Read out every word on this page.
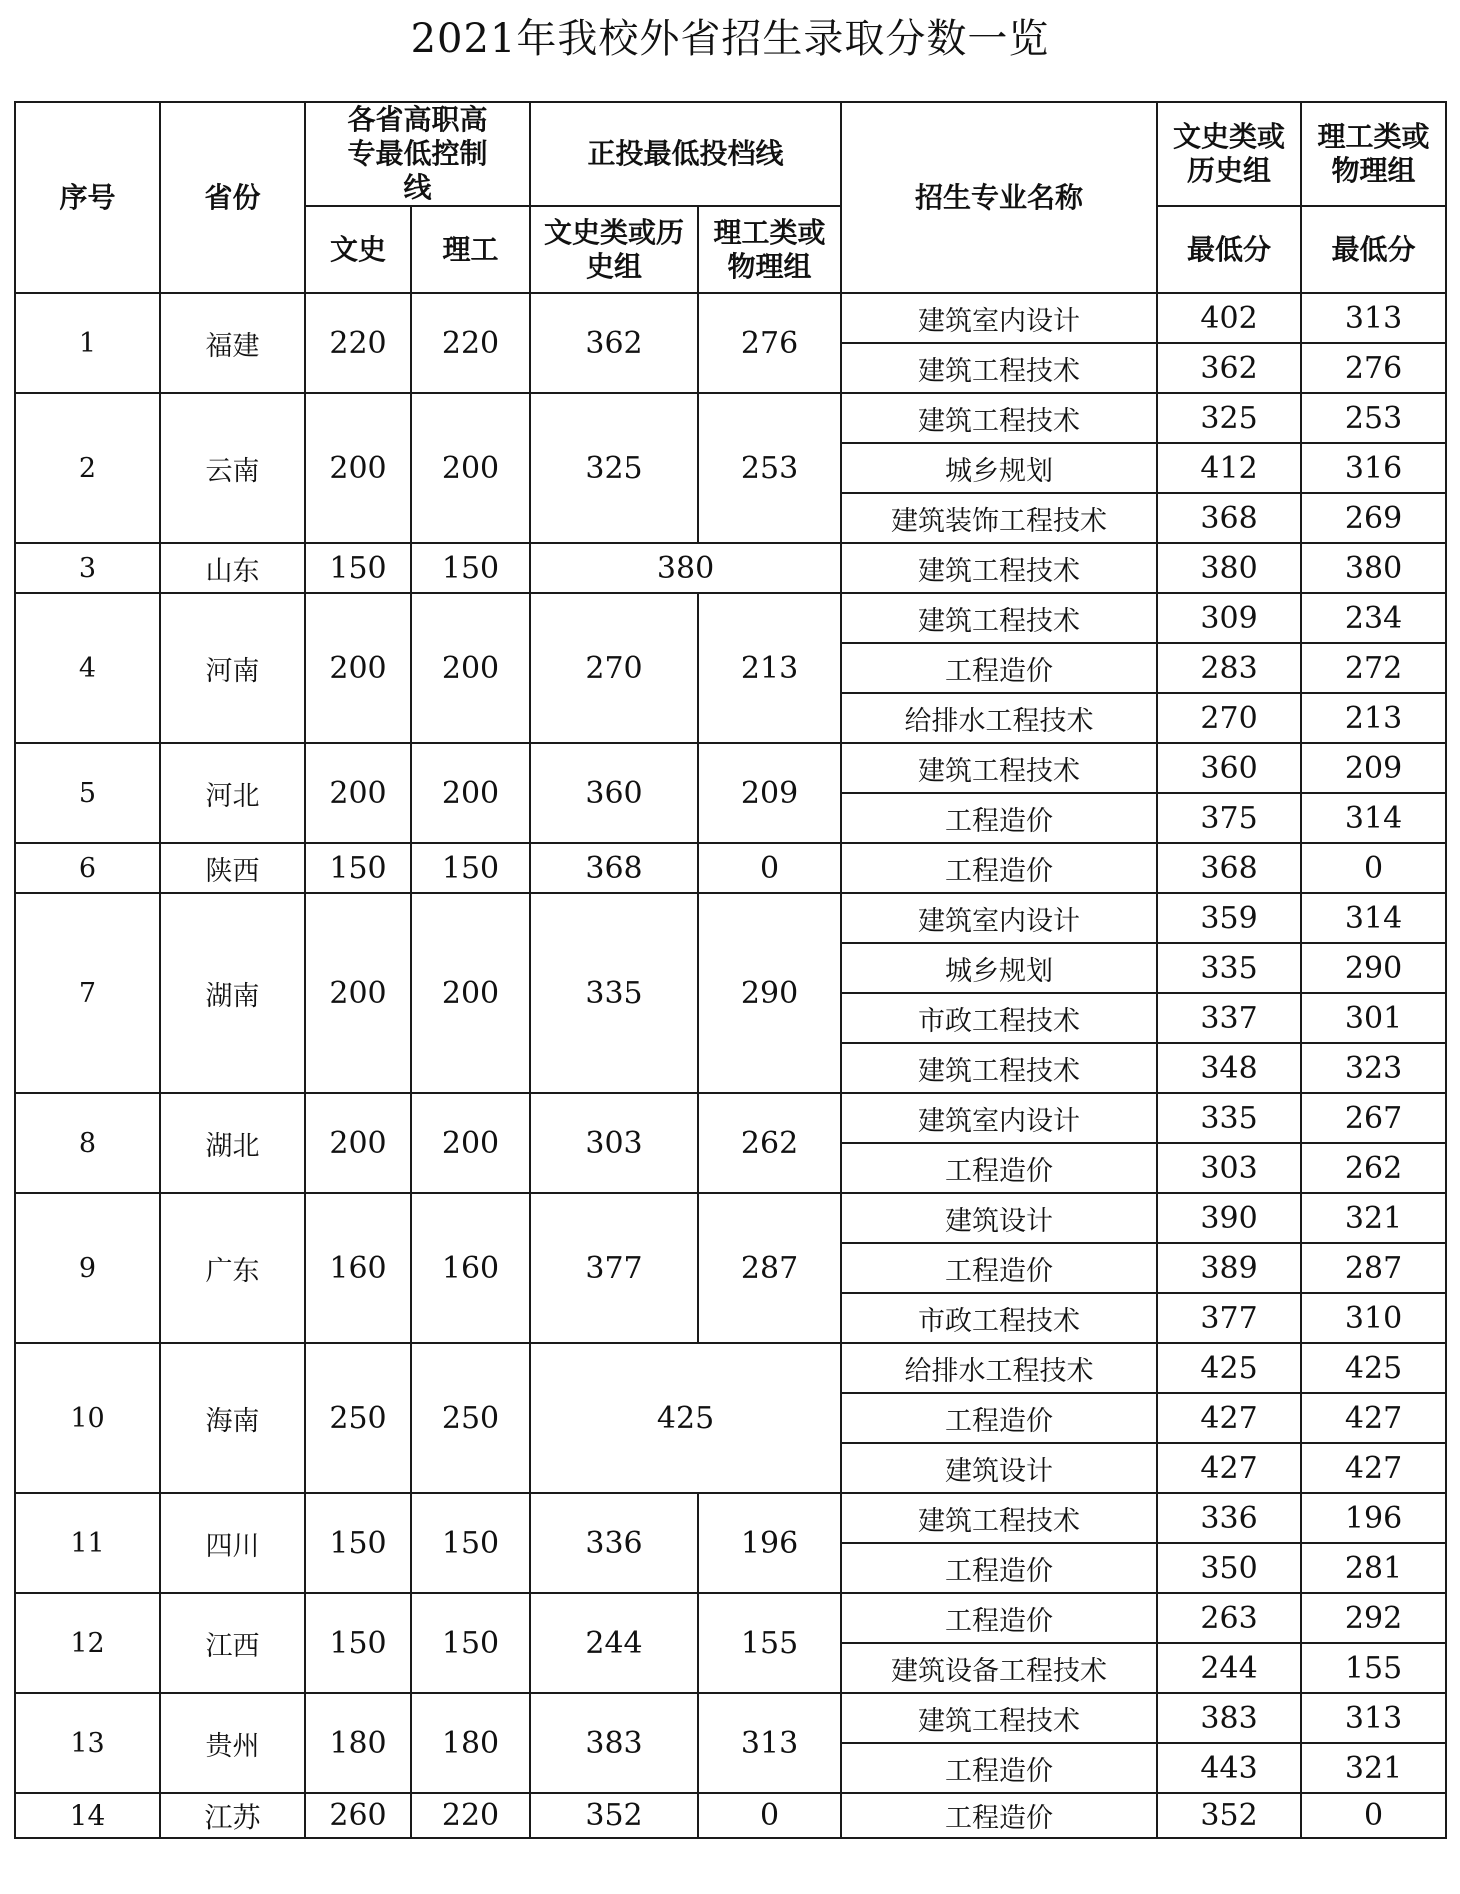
2021年我校外省招生录取分数一览
序号	省份	各省高职高专最低控制线		正投最低投档线		招生专业名称	文史类或历史组	理工类或物理组
		文史	理工	文史类或历史组	理工类或物理组		最低分	最低分
1	福建	220	220	362	276	建筑室内设计	402	313
						建筑工程技术	362	276
2	云南	200	200	325	253	建筑工程技术	325	253
						城乡规划	412	316
						建筑装饰工程技术	368	269
3	山东	150	150	380		建筑工程技术	380	380
4	河南	200	200	270	213	建筑工程技术	309	234
						工程造价	283	272
						给排水工程技术	270	213
5	河北	200	200	360	209	建筑工程技术	360	209
						工程造价	375	314
6	陕西	150	150	368	0	工程造价	368	0
7	湖南	200	200	335	290	建筑室内设计	359	314
						城乡规划	335	290
						市政工程技术	337	301
						建筑工程技术	348	323
8	湖北	200	200	303	262	建筑室内设计	335	267
						工程造价	303	262
9	广东	160	160	377	287	建筑设计	390	321
						工程造价	389	287
						市政工程技术	377	310
10	海南	250	250	425		给排水工程技术	425	425
						工程造价	427	427
						建筑设计	427	427
11	四川	150	150	336	196	建筑工程技术	336	196
						工程造价	350	281
12	江西	150	150	244	155	工程造价	263	292
						建筑设备工程技术	244	155
13	贵州	180	180	383	313	建筑工程技术	383	313
						工程造价	443	321
14	江苏	260	220	352	0	工程造价	352	0
